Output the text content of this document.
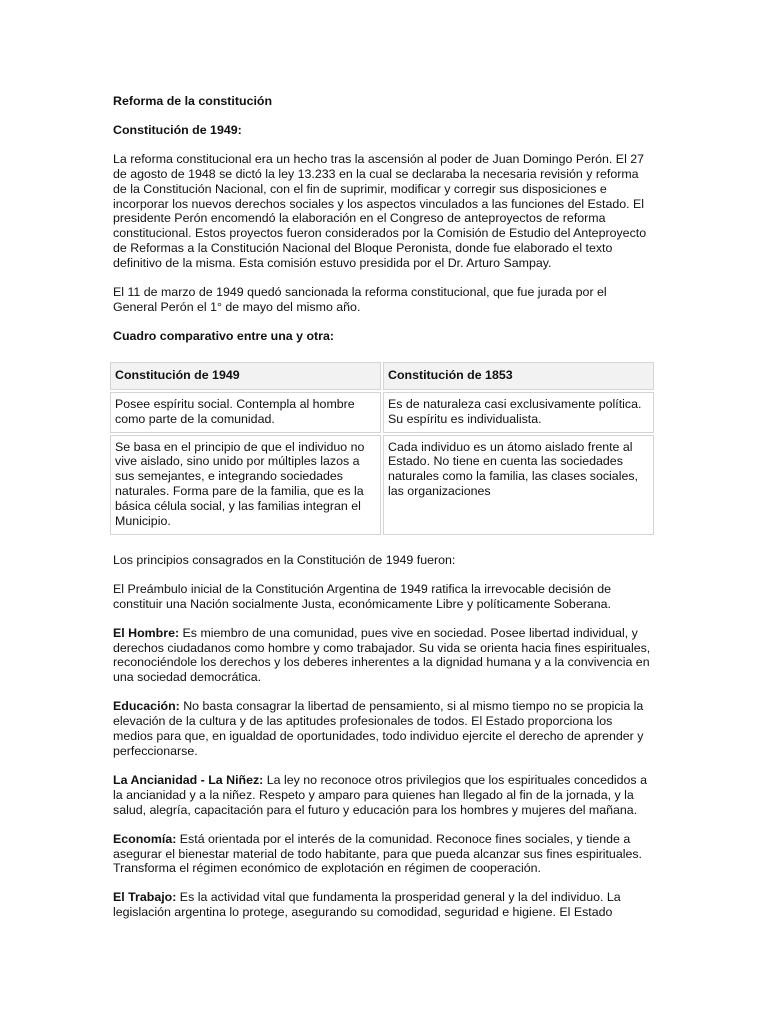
Reforma de la constitución
Constitución de 1949:

La reforma constitucional era un hecho tras la ascensión al poder de Juan Domingo Perón. El 27 de agosto de 1948 se dictó la ley 13.233 en la cual se declaraba la necesaria revisión y reforma de la Constitución Nacional, con el fin de suprimir, modificar y corregir sus disposiciones e incorporar los nuevos derechos sociales y los aspectos vinculados a las funciones del Estado. El presidente Perón encomendó la elaboración en el Congreso de anteproyectos de reforma constitucional. Estos proyectos fueron considerados por la Comisión de Estudio del Anteproyecto de Reformas a la Constitución Nacional del Bloque Peronista, donde fue elaborado el texto definitivo de la misma. Esta comisión estuvo presidida por el Dr. Arturo Sampay.

El 11 de marzo de 1949 quedó sancionada la reforma constitucional, que fue jurada por el General Perón el 1° de mayo del mismo año.

Cuadro comparativo entre una y otra:
Constitución de 1949	Constitución de 1853
Posee espíritu social. Contempla al hombre como parte de la comunidad.	Es de naturaleza casi exclusivamente política. Su espíritu es individualista.
Se basa en el principio de que el individuo no vive aislado, sino unido por múltiples lazos a sus semejantes, e integrando sociedades naturales. Forma pare de la familia, que es la básica célula social, y las familias integran el Municipio.	Cada individuo es un átomo aislado frente al Estado. No tiene en cuenta las sociedades naturales como la familia, las clases sociales, las organizaciones

Los principios consagrados en la Constitución de 1949 fueron:

El Preámbulo inicial de la Constitución Argentina de 1949 ratifica la irrevocable decisión de constituir una Nación socialmente Justa, económicamente Libre y políticamente Soberana.

El Hombre: Es miembro de una comunidad, pues vive en sociedad. Posee libertad individual, y derechos ciudadanos como hombre y como trabajador. Su vida se orienta hacia fines espirituales, reconociéndole los derechos y los deberes inherentes a la dignidad humana y a la convivencia en una sociedad democrática.

Educación: No basta consagrar la libertad de pensamiento, si al mismo tiempo no se propicia la elevación de la cultura y de las aptitudes profesionales de todos. El Estado proporciona los medios para que, en igualdad de oportunidades, todo individuo ejercite el derecho de aprender y perfeccionarse.

La Ancianidad - La Niñez: La ley no reconoce otros privilegios que los espirituales concedidos a la ancianidad y a la niñez. Respeto y amparo para quienes han llegado al fin de la jornada, y la salud, alegría, capacitación para el futuro y educación para los hombres y mujeres del mañana.

Economía: Está orientada por el interés de la comunidad. Reconoce fines sociales, y tiende a asegurar el bienestar material de todo habitante, para que pueda alcanzar sus fines espirituales. Transforma el régimen económico de explotación en régimen de cooperación.

El Trabajo: Es la actividad vital que fundamenta la prosperidad general y la del individuo. La legislación argentina lo protege, asegurando su comodidad, seguridad e higiene. El Estado
